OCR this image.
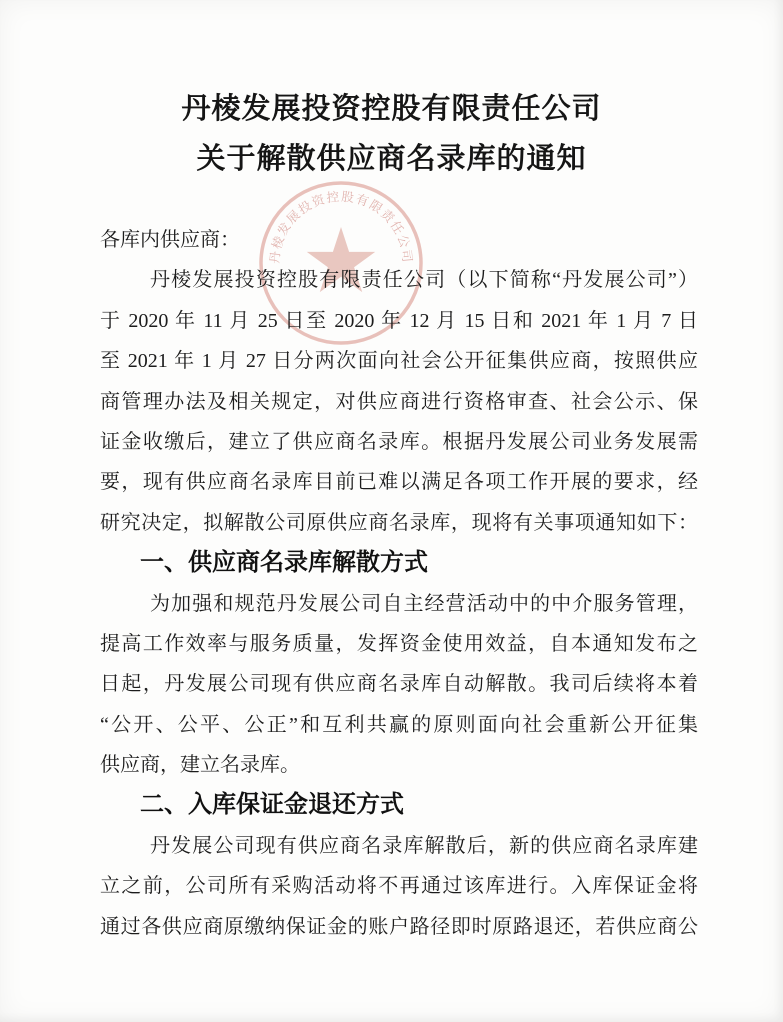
丹棱发展投资控股有限责任公司
关于解散供应商名录库的通知
丹棱发展投资控股有限责任公司
各库内供应商：
丹棱发展投资控股有限责任公司（以下简称“丹发展公司”）
于 2020 年 11 月 25 日至 2020 年 12 月 15 日和 2021 年 1 月 7 日
至 2021 年 1 月 27 日分两次面向社会公开征集供应商，按照供应
商管理办法及相关规定，对供应商进行资格审查、社会公示、保
证金收缴后，建立了供应商名录库。根据丹发展公司业务发展需
要，现有供应商名录库目前已难以满足各项工作开展的要求，经
研究决定，拟解散公司原供应商名录库，现将有关事项通知如下：
一、供应商名录库解散方式
为加强和规范丹发展公司自主经营活动中的中介服务管理，
提高工作效率与服务质量，发挥资金使用效益，自本通知发布之
日起，丹发展公司现有供应商名录库自动解散。我司后续将本着
“公开、公平、公正”和互利共赢的原则面向社会重新公开征集
供应商，建立名录库。
二、入库保证金退还方式
丹发展公司现有供应商名录库解散后，新的供应商名录库建
立之前，公司所有采购活动将不再通过该库进行。入库保证金将
通过各供应商原缴纳保证金的账户路径即时原路退还，若供应商公
